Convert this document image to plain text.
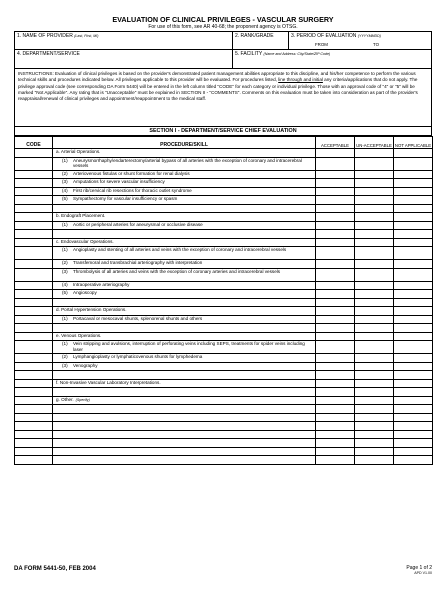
EVALUATION OF CLINICAL PRIVILEGES - VASCULAR SURGERY
For use of this form, see AR 40-68; the proponent agency is OTSG.
1. NAME OF PROVIDER (Last, First, MI)	2. RANK/GRADE	3. PERIOD OF EVALUATION (YYYYMMDD)
FROM	TO
4. DEPARTMENT/SERVICE	5. FACILITY (Name and Address: City/State/ZIP Code)
INSTRUCTIONS: Evaluation of clinical privileges is based on the provider's demonstrated patient management abilities appropriate to this discipline, and his/her competence to perform the various technical skills and procedures indicated below. All privileges applicable to this provider will be evaluated. For procedures listed, line through and initial any criteria/applications that do not apply. The privilege approval code (see corresponding DA Form 5440) will be entered in the left column titled "CODE" for each category or individual privilege. Those with an approval code of "4" or "5" will be marked "Not Applicable". Any rating that is "Unacceptable" must be explained in SECTION II - "COMMENTS". Comments on this evaluation must be taken into consideration as part of the provider's reappraisal/renewal of clinical privileges and appointment/reappointment to the medical staff.
SECTION I - DEPARTMENT/SERVICE CHIEF EVALUATION
CODE	PROCEDURE/SKILL	ACCEPTABLE	UN-ACCEPTABLE	NOT APPLICABLE
	a. Arterial Operations.			

	(1) Aneurysmorrhaphy/endarterectomy/arterial bypass of all arteries with the exception of coronary and intracerebral vessels			

	(2) Arteriovenous fistulas or shunt formation for renal dialysis			

	(3) Amputations for severe vascular insufficiency			

	(4) First rib/cervical rib resections for thoracic outlet syndrome			

	(5) Sympathectomy for vascular insufficiency or spasm			

	b. Endograft Placement.			

	(1) Aortic or peripheral arteries for aneurysmal or occlusive disease			

	c. Endovascular Operations.			

	(1) Angioplasty and stenting of all arteries and veins with the exception of coronary and intracerebral vessels			

	(2) Transfemoral and transbrachial arteriography with interpretation			

	(3) Thrombolysis of all arteries and veins with the exception of coronary arteries and intracerebral vessels			

	(4) Intraoperative arteriography			

	(5) Angioscopy			

	d. Portal Hypertension Operations.			

	(1) Portacaval or mesocaval shunts, splenorenal shunts and others			

	e. Venous Operations.			

	(1) Vein stripping and avulsions, interruption of perforating veins including SEPS, treatments for spider veins including laser			

	(2) Lymphangioplasty or lymphaticovenous shunts for lymphedema			

	(3) Venography			

	f. Non-Invasive Vascular Laboratory Interpretations.			

	g. Other. (Specify)			

DA FORM 5441-50, FEB 2004	Page 1 of 2
APD V1.00
